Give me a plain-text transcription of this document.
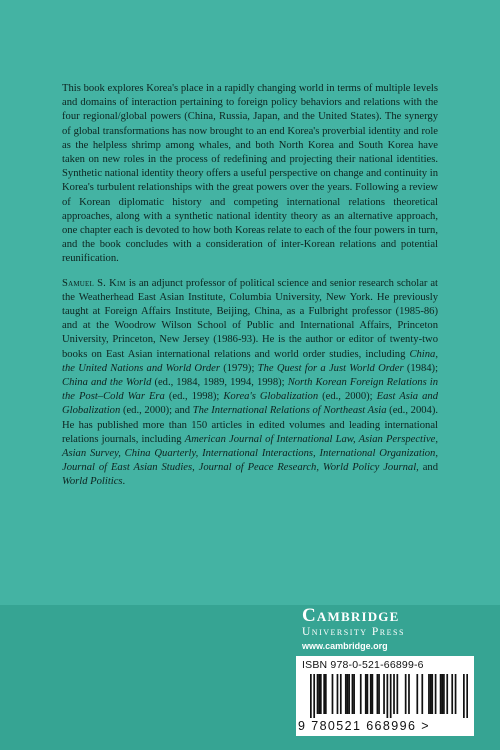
This book explores Korea's place in a rapidly changing world in terms of multiple levels and domains of interaction pertaining to foreign policy behaviors and relations with the four regional/global powers (China, Russia, Japan, and the United States). The synergy of global transformations has now brought to an end Korea's proverbial identity and role as the helpless shrimp among whales, and both North Korea and South Korea have taken on new roles in the process of redefining and projecting their national identities. Synthetic national identity theory offers a useful perspective on change and continuity in Korea's turbulent relationships with the great powers over the years. Following a review of Korean diplomatic history and competing international relations theoretical approaches, along with a synthetic national identity theory as an alternative approach, one chapter each is devoted to how both Koreas relate to each of the four powers in turn, and the book concludes with a consideration of inter-Korean relations and potential reunification.

Samuel S. Kim is an adjunct professor of political science and senior research scholar at the Weatherhead East Asian Institute, Columbia University, New York. He previously taught at Foreign Affairs Institute, Beijing, China, as a Fulbright professor (1985-86) and at the Woodrow Wilson School of Public and International Affairs, Princeton University, Princeton, New Jersey (1986-93). He is the author or editor of twenty-two books on East Asian international relations and world order studies, including China, the United Nations and World Order (1979); The Quest for a Just World Order (1984); China and the World (ed., 1984, 1989, 1994, 1998); North Korean Foreign Relations in the Post–Cold War Era (ed., 1998); Korea's Globalization (ed., 2000); East Asia and Globalization (ed., 2000); and The International Relations of Northeast Asia (ed., 2004). He has published more than 150 articles in edited volumes and leading international relations journals, including American Journal of International Law, Asian Perspective, Asian Survey, China Quarterly, International Interactions, International Organization, Journal of East Asian Studies, Journal of Peace Research, World Policy Journal, and World Politics.

Cambridge
University Press
www.cambridge.org
ISBN 978-0-521-66899-6
9 780521 668996 >
